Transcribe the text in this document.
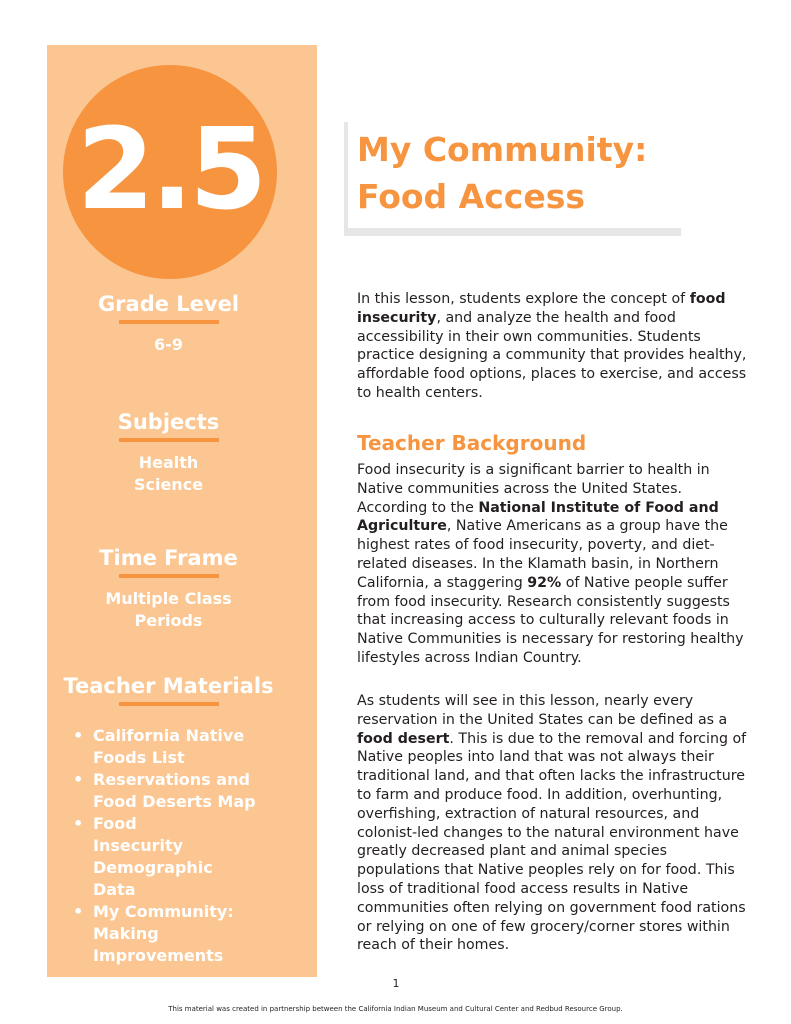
2.5
Grade Level
6-9
Subjects
Health
Science
Time Frame
Multiple Class
Periods
Teacher Materials
• California Native
Foods List
• Reservations and
Food Deserts Map
• Food
Insecurity
Demographic
Data
• My Community:
Making
Improvements
My Community:
Food Access

In this lesson, students explore the concept of food insecurity, and analyze the health and food accessibility in their own communities. Students practice designing a community that provides healthy, affordable food options, places to exercise, and access to health centers.

Teacher Background

Food insecurity is a significant barrier to health in Native communities across the United States. According to the National Institute of Food and Agriculture, Native Americans as a group have the highest rates of food insecurity, poverty, and diet-related diseases. In the Klamath basin, in Northern California, a staggering 92% of Native people suffer from food insecurity. Research consistently suggests that increasing access to culturally relevant foods in Native Communities is necessary for restoring healthy lifestyles across Indian Country.

As students will see in this lesson, nearly every reservation in the United States can be defined as a food desert. This is due to the removal and forcing of Native peoples into land that was not always their traditional land, and that often lacks the infrastructure to farm and produce food. In addition, overhunting, overfishing, extraction of natural resources, and colonist-led changes to the natural environment have greatly decreased plant and animal species populations that Native peoples rely on for food. This loss of traditional food access results in Native communities often relying on government food rations or relying on one of few grocery/corner stores within reach of their homes.

1
This material was created in partnership between the California Indian Museum and Cultural Center and Redbud Resource Group.
